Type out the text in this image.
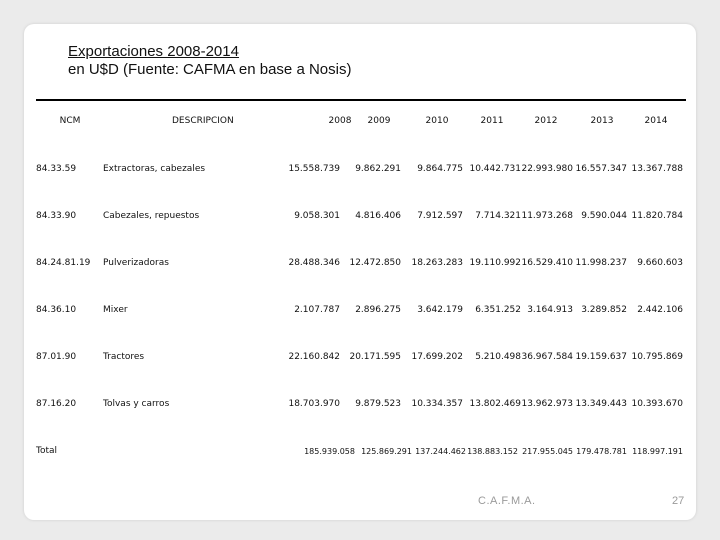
Exportaciones 2008-2014
en U$D (Fuente: CAFMA en base a Nosis)
NCM	DESCRIPCION	2008	2009	2010	2011	2012	2013	2014
84.33.59	Extractoras, cabezales	15.558.739 9.862.291 9.864.775 10.442.731 22.993.980 16.557.347 13.367.788
84.33.90	Cabezales, repuestos	9.058.301 4.816.406 7.912.597 7.714.321 11.973.268 9.590.044 11.820.784
84.24.81.19 Pulverizadoras	28.488.346 12.472.850 18.263.283 19.110.992 16.529.410 11.998.237 9.660.603
84.36.10	Mixer	2.107.787 2.896.275 3.642.179 6.351.252 3.164.913 3.289.852 2.442.106
87.01.90	Tractores	22.160.842 20.171.595 17.699.202 5.210.498 36.967.584 19.159.637 10.795.869
87.16.20	Tolvas y carros	18.703.970 9.879.523 10.334.357 13.802.469 13.962.973 13.349.443 10.393.670
Total	185.939.058 125.869.291 137.244.462 138.883.152 217.955.045 179.478.781 118.997.191
C.A.F.M.A.	27
